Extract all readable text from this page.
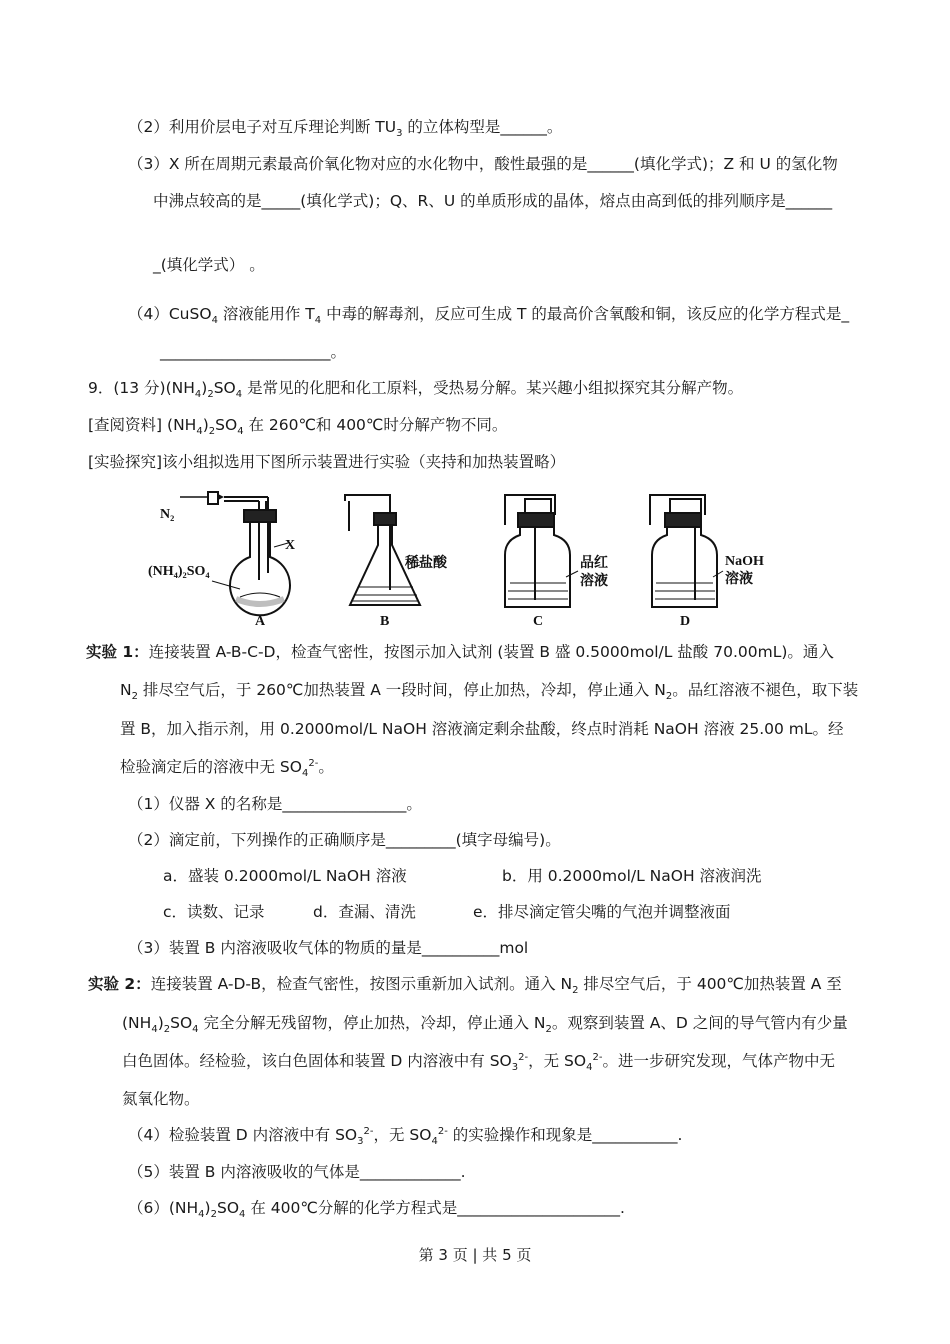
（2）利用价层电子对互斥理论判断 $TU_3$ 的立体构型是______。
（3）X 所在周期元素最高价氧化物对应的水化物中，酸性最强的是______(填化学式)；Z 和 U 的氢化物
中沸点较高的是_____(填化学式)；Q、R、U 的单质形成的晶体，熔点由高到低的排列顺序是______
_(填化学式） 。
（4）CuSO$_4$ 溶液能用作 $T_4$ 中毒的解毒剂，反应可生成 T 的最高价含氧酸和铜，该反应的化学方程式是_
______________________。
9．(13 分)$(NH_4)_2SO_4$ 是常见的化肥和化工原料，受热易分解。某兴趣小组拟探究其分解产物。
[查阅资料] $(NH_4)_2SO_4$ 在 260℃和 400℃时分解产物不同。
[实验探究]该小组拟选用下图所示装置进行实验（夹持和加热装置略）
N₂
X
(NH₄)₂SO₄
稀盐酸	品红
溶液
NaOH
溶液
A	B	C	D
实验 1：连接装置 A-B-C-D，检查气密性，按图示加入试剂 (装置 B 盛 0.5000mol/L 盐酸 70.00mL)。通入
$N_2$ 排尽空气后，于 260℃加热装置 A 一段时间，停止加热，冷却，停止通入 $N_2$。品红溶液不褪色，取下装
置 B，加入指示剂，用 0.2000mol/L NaOH 溶液滴定剩余盐酸，终点时消耗 NaOH 溶液 25.00 mL。经
检验滴定后的溶液中无 $SO_4^{2-}$。
（1）仪器 X 的名称是________________。
（2）滴定前，下列操作的正确顺序是_________(填字母编号)。
a．盛装 0.2000mol/L NaOH 溶液	b．用 0.2000mol/L NaOH 溶液润洗
c．读数、记录	d．查漏、清洗	e．排尽滴定管尖嘴的气泡并调整液面
（3）装置 B 内溶液吸收气体的物质的量是__________mol
实验 2：连接装置 A-D-B，检查气密性，按图示重新加入试剂。通入 $N_2$ 排尽空气后，于 400℃加热装置 A 至
$(NH_4)_2SO_4$ 完全分解无残留物，停止加热，冷却，停止通入 $N_2$。观察到装置 A、D 之间的导气管内有少量
白色固体。经检验，该白色固体和装置 D 内溶液中有 $SO_3^{2-}$，无 $SO_4^{2-}$。进一步研究发现，气体产物中无
氮氧化物。
（4）检验装置 D 内溶液中有 $SO_3^{2-}$，无 $SO_4^{2-}$ 的实验操作和现象是___________.
（5）装置 B 内溶液吸收的气体是_____________.
$(6)(NH_4)_2SO_4$ 在 400℃分解的化学方程式是_____________________.
第 3 页 | 共 5 页
